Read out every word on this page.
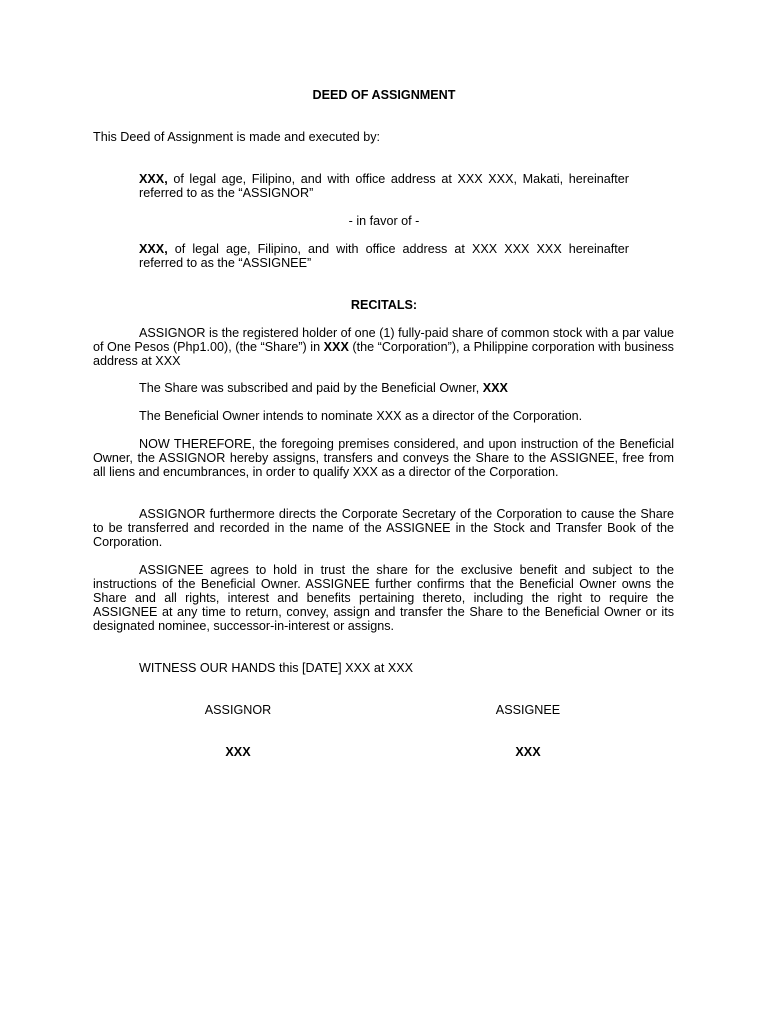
DEED OF ASSIGNMENT

This Deed of Assignment is made and executed by:

XXX, of legal age, Filipino, and with office address at XXX XXX, Makati, hereinafter referred to as the “ASSIGNOR”

- in favor of -

XXX, of legal age, Filipino, and with office address at XXX XXX XXX hereinafter referred to as the “ASSIGNEE”

RECITALS:

ASSIGNOR is the registered holder of one (1) fully-paid share of common stock with a par value of One Pesos (Php1.00), (the “Share”) in XXX (the “Corporation”), a Philippine corporation with business address at XXX

The Share was subscribed and paid by the Beneficial Owner, XXX

The Beneficial Owner intends to nominate XXX as a director of the Corporation.

NOW THEREFORE, the foregoing premises considered, and upon instruction of the Beneficial Owner, the ASSIGNOR hereby assigns, transfers and conveys the Share to the ASSIGNEE, free from all liens and encumbrances, in order to qualify XXX as a director of the Corporation.

ASSIGNOR furthermore directs the Corporate Secretary of the Corporation to cause the Share to be transferred and recorded in the name of the ASSIGNEE in the Stock and Transfer Book of the Corporation.

ASSIGNEE agrees to hold in trust the share for the exclusive benefit and subject to the instructions of the Beneficial Owner. ASSIGNEE further confirms that the Beneficial Owner owns the Share and all rights, interest and benefits pertaining thereto, including the right to require the ASSIGNEE at any time to return, convey, assign and transfer the Share to the Beneficial Owner or its designated nominee, successor-in-interest or assigns.

WITNESS OUR HANDS this [DATE] XXX at XXX

ASSIGNOR	ASSIGNEE

XXX	XXX
